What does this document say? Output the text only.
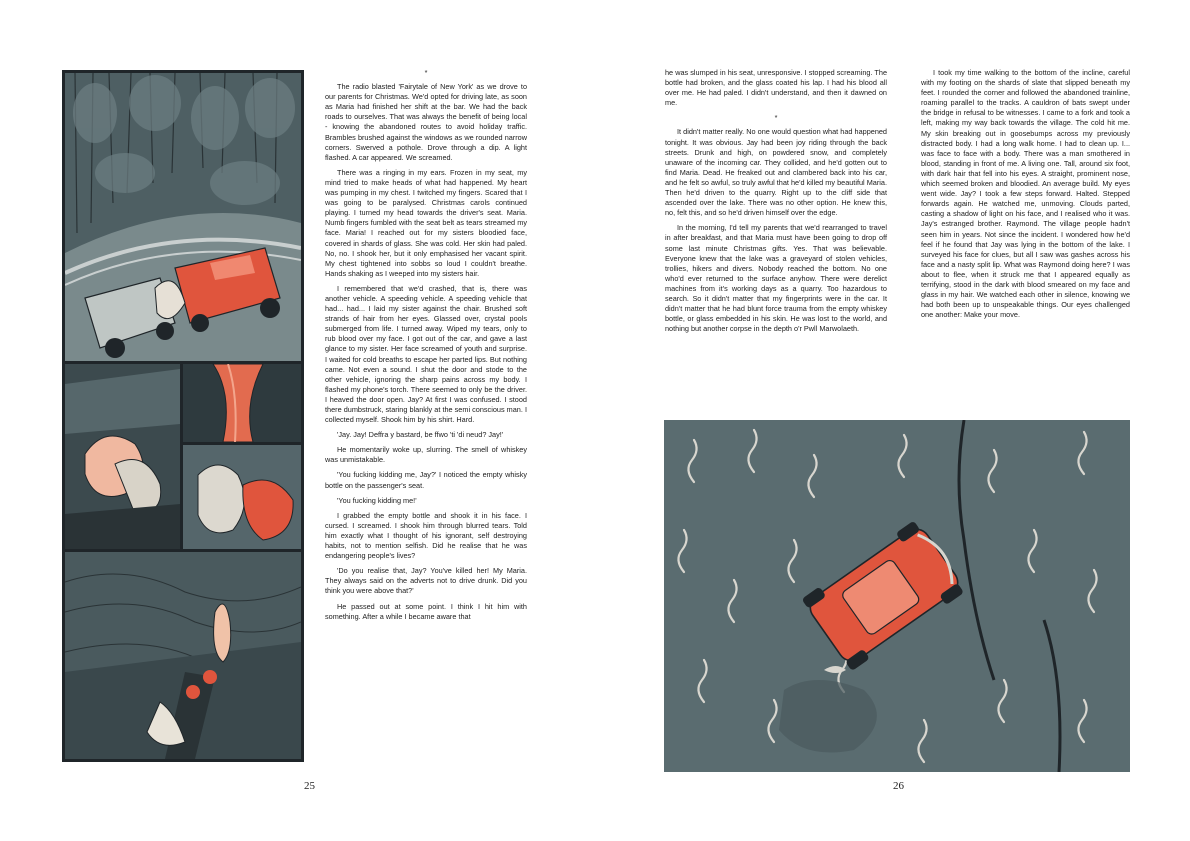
*

The radio blasted 'Fairytale of New York' as we drove to our parents for Christmas. We'd opted for driving late, as soon as Maria had finished her shift at the bar. We had the back roads to ourselves. That was always the benefit of being local - knowing the abandoned routes to avoid holiday traffic. Brambles brushed against the windows as we rounded narrow corners. Swerved a pothole. Drove through a dip. A light flashed. A car appeared. We screamed.

There was a ringing in my ears. Frozen in my seat, my mind tried to make heads of what had happened. My heart was pumping in my chest. I twitched my fingers. Scared that I was going to be paralysed. Christmas carols continued playing. I turned my head towards the driver's seat. Maria. Numb fingers fumbled with the seat belt as tears streamed my face. Maria! I reached out for my sisters bloodied face, covered in shards of glass. She was cold. Her skin had paled. No, no. I shook her, but it only emphasised her vacant spirit. My chest tightened into sobbs so loud I couldn't breathe. Hands shaking as I weeped into my sisters hair.

I remembered that we'd crashed, that is, there was another vehicle. A speeding vehicle. A speeding vehicle that had... had... I laid my sister against the chair. Brushed soft strands of hair from her eyes. Glassed over, crystal pools submerged from life. I turned away. Wiped my tears, only to rub blood over my face. I got out of the car, and gave a last glance to my sister. Her face screamed of youth and surprise. I waited for cold breaths to escape her parted lips. But nothing came. Not even a sound. I shut the door and stode to the other vehicle, ignoring the sharp pains across my body. I flashed my phone's torch. There seemed to only be the driver. I heaved the door open. Jay? At first I was confused. I stood there dumbstruck, staring blankly at the semi conscious man. I collected myself. Shook him by his shirt. Hard.

'Jay. Jay! Deffra y bastard, be ffwo 'ti 'di neud? Jay!'

He momentarily woke up, slurring. The smell of whiskey was unmistakable.

'You fucking kidding me, Jay?' I noticed the empty whisky bottle on the passenger's seat.

'You fucking kidding me!'

I grabbed the empty bottle and shook it in his face. I cursed. I screamed. I shook him through blurred tears. Told him exactly what I thought of his ignorant, self destroying habits, not to mention selfish. Did he realise that he was endangering people's lives?

'Do you realise that, Jay? You've killed her! My Maria. They always said on the adverts not to drive drunk. Did you think you were above that?'

He passed out at some point. I think I hit him with something. After a while I became aware that

25

he was slumped in his seat, unresponsive. I stopped screaming. The bottle had broken, and the glass coated his lap. I had his blood all over me. He had paled. I didn't understand, and then it dawned on me.

*

It didn't matter really. No one would question what had happened tonight. It was obvious. Jay had been joy riding through the back streets. Drunk and high, on powdered snow, and completely unaware of the incoming car. They collided, and he'd gotten out to find Maria. Dead. He freaked out and clambered back into his car, and he felt so awful, so truly awful that he'd killed my beautiful Maria. Then he'd driven to the quarry. Right up to the cliff side that ascended over the lake. There was no other option. He knew this, no, felt this, and so he'd driven himself over the edge.

In the morning, I'd tell my parents that we'd rearranged to travel in after breakfast, and that Maria must have been going to drop off some last minute Christmas gifts. Yes. That was believable. Everyone knew that the lake was a graveyard of stolen vehicles, trollies, hikers and divers. Nobody reached the bottom. No one who'd ever returned to the surface anyhow. There were derelict machines from it's working days as a quarry. Too hazardous to search. So it didn't matter that my fingerprints were in the car. It didn't matter that he had blunt force trauma from the empty whiskey bottle, or glass embedded in his skin. He was lost to the world, and nothing but another corpse in the depth o'r Pwll Marwolaeth.

I took my time walking to the bottom of the incline, careful with my footing on the shards of slate that slipped beneath my feet. I rounded the corner and followed the abandoned trainline, roaming parallel to the tracks. A cauldron of bats swept under the bridge in refusal to be witnesses. I came to a fork and took a left, making my way back towards the village. The cold hit me. My skin breaking out in goosebumps across my previously distracted body. I had a long walk home. I had to clean up. I... was face to face with a body. There was a man smothered in blood, standing in front of me. A living one. Tall, around six foot, with dark hair that fell into his eyes. A straight, prominent nose, which seemed broken and bloodied. An average build. My eyes went wide. Jay? I took a few steps forward. Halted. Stepped forwards again. He watched me, unmoving. Clouds parted, casting a shadow of light on his face, and I realised who it was. Jay's estranged brother. Raymond. The village people hadn't seen him in years. Not since the incident. I wondered how he'd feel if he found that Jay was lying in the bottom of the lake. I surveyed his face for clues, but all I saw was gashes across his face and a nasty split lip. What was Raymond doing here? I was about to flee, when it struck me that I appeared equally as terrifying, stood in the dark with blood smeared on my face and glass in my hair. We watched each other in silence, knowing we had both been up to unspeakable things. Our eyes challenged one another: Make your move.

26
